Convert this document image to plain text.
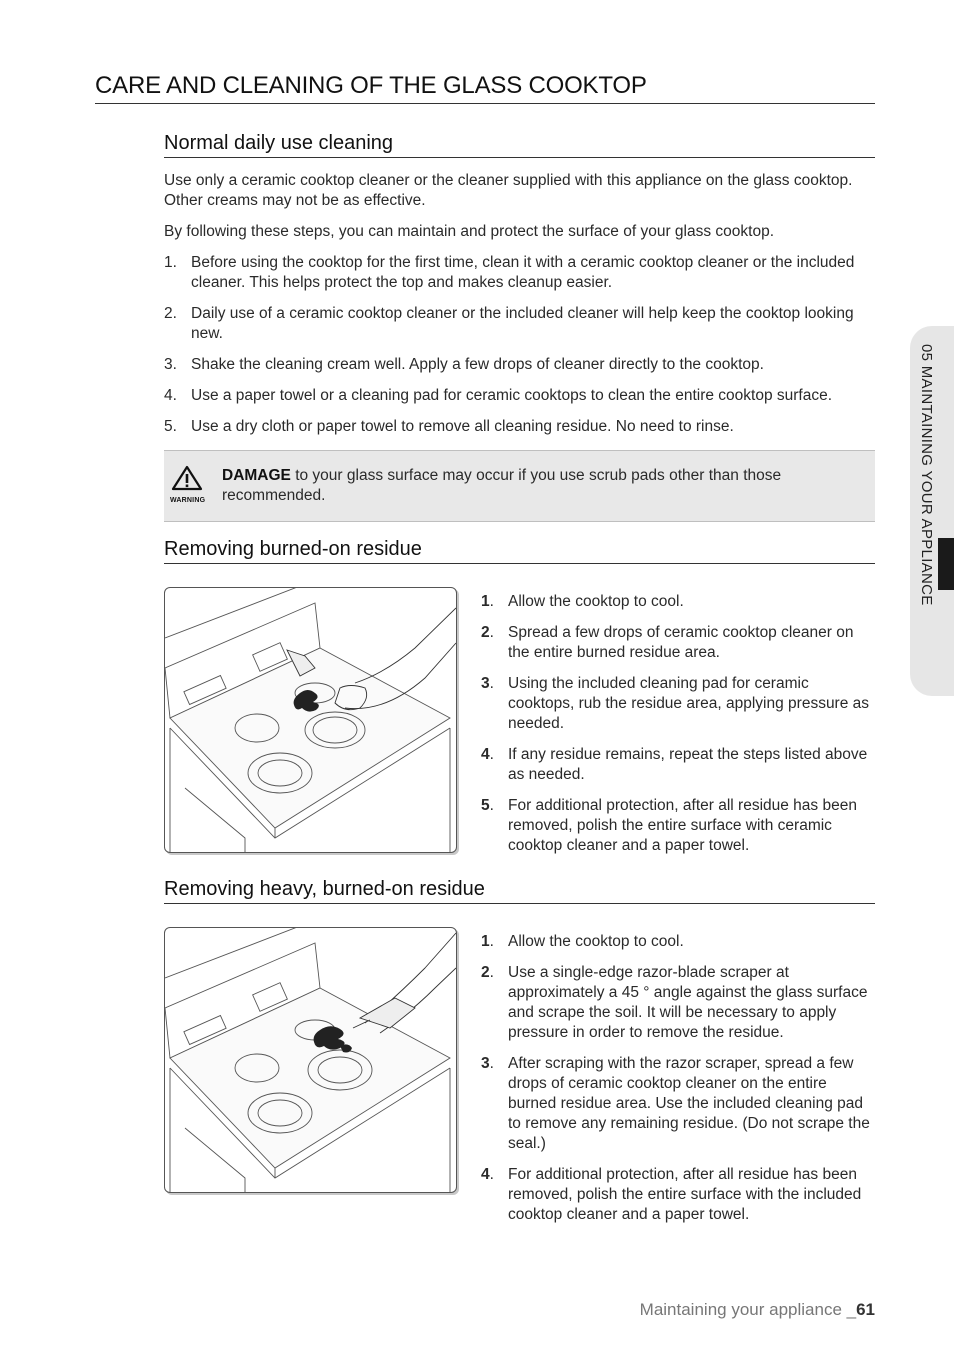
CARE AND CLEANING OF THE GLASS COOKTOP
05 MAINTAINING YOUR APPLIANCE
Normal daily use cleaning

Use only a ceramic cooktop cleaner or the cleaner supplied with this appliance on the glass cooktop. Other creams may not be as effective.

By following these steps, you can maintain and protect the surface of your glass cooktop.

1. Before using the cooktop for the first time, clean it with a ceramic cooktop cleaner or the included cleaner. This helps protect the top and makes cleanup easier.
2. Daily use of a ceramic cooktop cleaner or the included cleaner will help keep the cooktop looking new.
3. Shake the cleaning cream well. Apply a few drops of cleaner directly to the cooktop.
4. Use a paper towel or a cleaning pad for ceramic cooktops to clean the entire cooktop surface.
5. Use a dry cloth or paper towel to remove all cleaning residue. No need to rinse.
WARNING
DAMAGE to your glass surface may occur if you use scrub pads other than those recommended.
Removing burned-on residue
1. Allow the cooktop to cool.
2. Spread a few drops of ceramic cooktop cleaner on the entire burned residue area.
3. Using the included cleaning pad for ceramic cooktops, rub the residue area, applying pressure as needed.
4. If any residue remains, repeat the steps listed above as needed.
5. For additional protection, after all residue has been removed, polish the entire surface with ceramic cooktop cleaner and a paper towel.
Removing heavy, burned-on residue
1. Allow the cooktop to cool.
2. Use a single-edge razor-blade scraper at approximately a 45 ° angle against the glass surface and scrape the soil. It will be necessary to apply pressure in order to remove the residue.
3. After scraping with the razor scraper, spread a few drops of ceramic cooktop cleaner on the entire burned residue area. Use the included cleaning pad to remove any remaining residue. (Do not scrape the seal.)
4. For additional protection, after all residue has been removed, polish the entire surface with the included cooktop cleaner and a paper towel.
Maintaining your appliance _61
